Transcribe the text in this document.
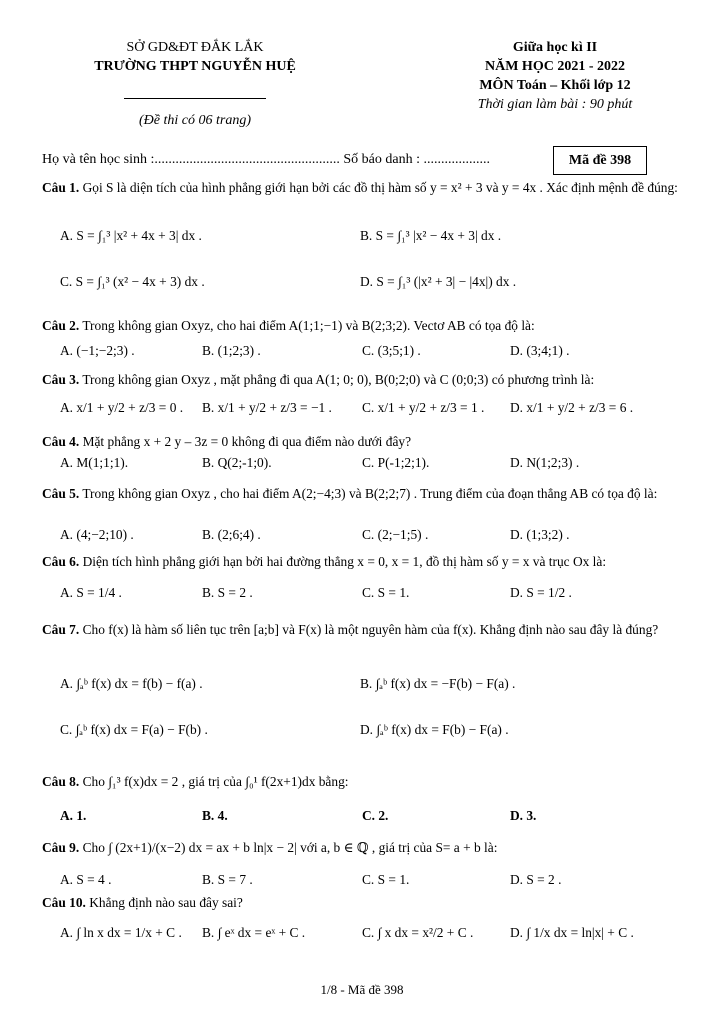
SỞ GD&ĐT ĐẮK LẮK
TRƯỜNG THPT NGUYỄN HUỆ
(Đề thi có 06 trang)
Giữa học kì II
NĂM HỌC 2021 - 2022
MÔN Toán – Khối lớp 12
Thời gian làm bài : 90 phút
Họ và tên học sinh :..................................................... Số báo danh : ...................	Mã đề 398
Câu 1. Gọi S là diện tích của hình phẳng giới hạn bởi các đồ thị hàm số y = x² + 3 và y = 4x . Xác định mệnh đề đúng:
A. S = ∫₁³ |x² + 4x + 3| dx .	B. S = ∫₁³ |x² − 4x + 3| dx .
C. S = ∫₁³ (x² − 4x + 3) dx .	D. S = ∫₁³ (|x² + 3| − |4x|) dx .
Câu 2. Trong không gian Oxyz, cho hai điểm A(1;1;−1) và B(2;3;2). Vectơ AB có tọa độ là:
A. (−1;−2;3) .	B. (1;2;3) .	C. (3;5;1) .	D. (3;4;1) .
Câu 3. Trong không gian Oxyz , mặt phẳng đi qua A(1; 0; 0), B(0;2;0) và C (0;0;3) có phương trình là:
A. x/1 + y/2 + z/3 = 0 . B. x/1 + y/2 + z/3 = −1 . C. x/1 + y/2 + z/3 = 1 . D. x/1 + y/2 + z/3 = 6 .
Câu 4. Mặt phẳng x + 2 y – 3z = 0 không đi qua điểm nào dưới đây?
A. M(1;1;1).	B. Q(2;-1;0).	C. P(-1;2;1).	D. N(1;2;3) .
Câu 5. Trong không gian Oxyz , cho hai điểm A(2;−4;3) và B(2;2;7) . Trung điểm của đoạn thẳng AB có tọa độ là:
A. (4;−2;10) .	B. (2;6;4) .	C. (2;−1;5) .	D. (1;3;2) .
Câu 6. Diện tích hình phẳng giới hạn bởi hai đường thẳng x = 0, x = 1, đồ thị hàm số y = x và trục Ox là:
A. S = 1/4 .	B. S = 2 .	C. S = 1.	D. S = 1/2 .
Câu 7. Cho f(x) là hàm số liên tục trên [a;b] và F(x) là một nguyên hàm của f(x). Khẳng định nào sau đây là đúng?
A. ∫ₐᵇ f(x) dx = f(b) − f(a) .	B. ∫ₐᵇ f(x) dx = −F(b) − F(a) .
C. ∫ₐᵇ f(x) dx = F(a) − F(b) .	D. ∫ₐᵇ f(x) dx = F(b) − F(a) .
Câu 8. Cho ∫₁³ f(x)dx = 2 , giá trị của ∫₀¹ f(2x+1)dx bằng:
A. 1.	B. 4.	C. 2.	D. 3.
Câu 9. Cho ∫ (2x+1)/(x−2) dx = ax + b ln|x − 2| với a, b ∈ ℚ , giá trị của S= a + b là:
A. S = 4 .	B. S = 7 .	C. S = 1.	D. S = 2 .
Câu 10. Khẳng định nào sau đây sai?
A. ∫ ln x dx = 1/x + C . B. ∫ eˣ dx = eˣ + C .	C. ∫ x dx = x²/2 + C .	D. ∫ 1/x dx = ln|x| + C .
1/8 - Mã đề 398
